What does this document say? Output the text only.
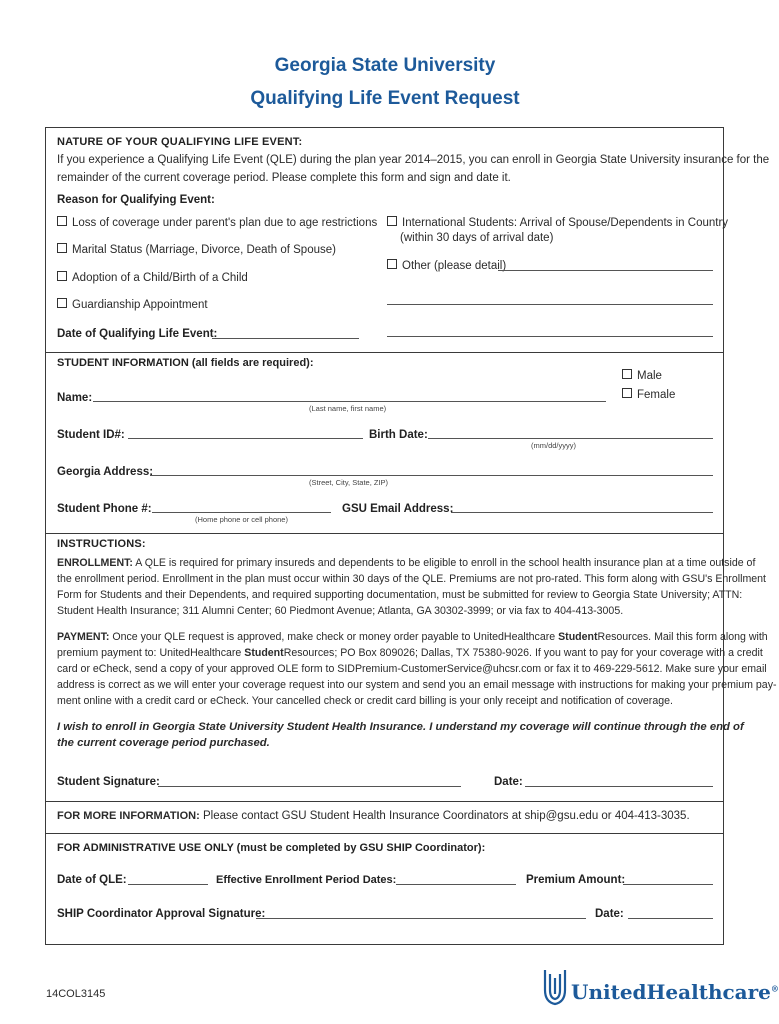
Georgia State University
Qualifying Life Event Request
NATURE OF YOUR QUALIFYING LIFE EVENT:
If you experience a Qualifying Life Event (QLE) during the plan year 2014–2015, you can enroll in Georgia State University insurance for the
remainder of the current coverage period. Please complete this form and sign and date it.
Reason for Qualifying Event:
Loss of coverage under parent's plan due to age restrictions
Marital Status (Marriage, Divorce, Death of Spouse)
Adoption of a Child/Birth of a Child
Guardianship Appointment
International Students: Arrival of Spouse/Dependents in Country
(within 30 days of arrival date)
Other (please detail)
Date of Qualifying Life Event:
STUDENT INFORMATION (all fields are required):
Male
Female
Name:
(Last name, first name)
Student ID#:	Birth Date:
(mm/dd/yyyy)
Georgia Address:
(Street, City, State, ZIP)
Student Phone #:
(Home phone or cell phone)
GSU Email Address:
INSTRUCTIONS:
ENROLLMENT: A QLE is required for primary insureds and dependents to be eligible to enroll in the school health insurance plan at a time outside of
the enrollment period. Enrollment in the plan must occur within 30 days of the QLE. Premiums are not pro-rated. This form along with GSU's Enrollment
Form for Students and their Dependents, and required supporting documentation, must be submitted for review to Georgia State University; ATTN:
Student Health Insurance; 311 Alumni Center; 60 Piedmont Avenue; Atlanta, GA 30302-3999; or via fax to 404-413-3005.
PAYMENT: Once your QLE request is approved, make check or money order payable to UnitedHealthcare StudentResources. Mail this form along with
premium payment to: UnitedHealthcare StudentResources; PO Box 809026; Dallas, TX 75380-9026. If you want to pay for your coverage with a credit
card or eCheck, send a copy of your approved OLE form to SIDPremium-CustomerService@uhcsr.com or fax it to 469-229-5612. Make sure your email
address is correct as we will enter your coverage request into our system and send you an email message with instructions for making your premium pay-
ment online with a credit card or eCheck. Your cancelled check or credit card billing is your only receipt and notification of coverage.
I wish to enroll in Georgia State University Student Health Insurance. I understand my coverage will continue through the end of
the current coverage period purchased.
Student Signature:	Date:
FOR MORE INFORMATION: Please contact GSU Student Health Insurance Coordinators at ship@gsu.edu or 404-413-3035.
FOR ADMINISTRATIVE USE ONLY (must be completed by GSU SHIP Coordinator):
Date of QLE:	Effective Enrollment Period Dates:	Premium Amount:
SHIP Coordinator Approval Signature:	Date:
14COL3145	UnitedHealthcare®
